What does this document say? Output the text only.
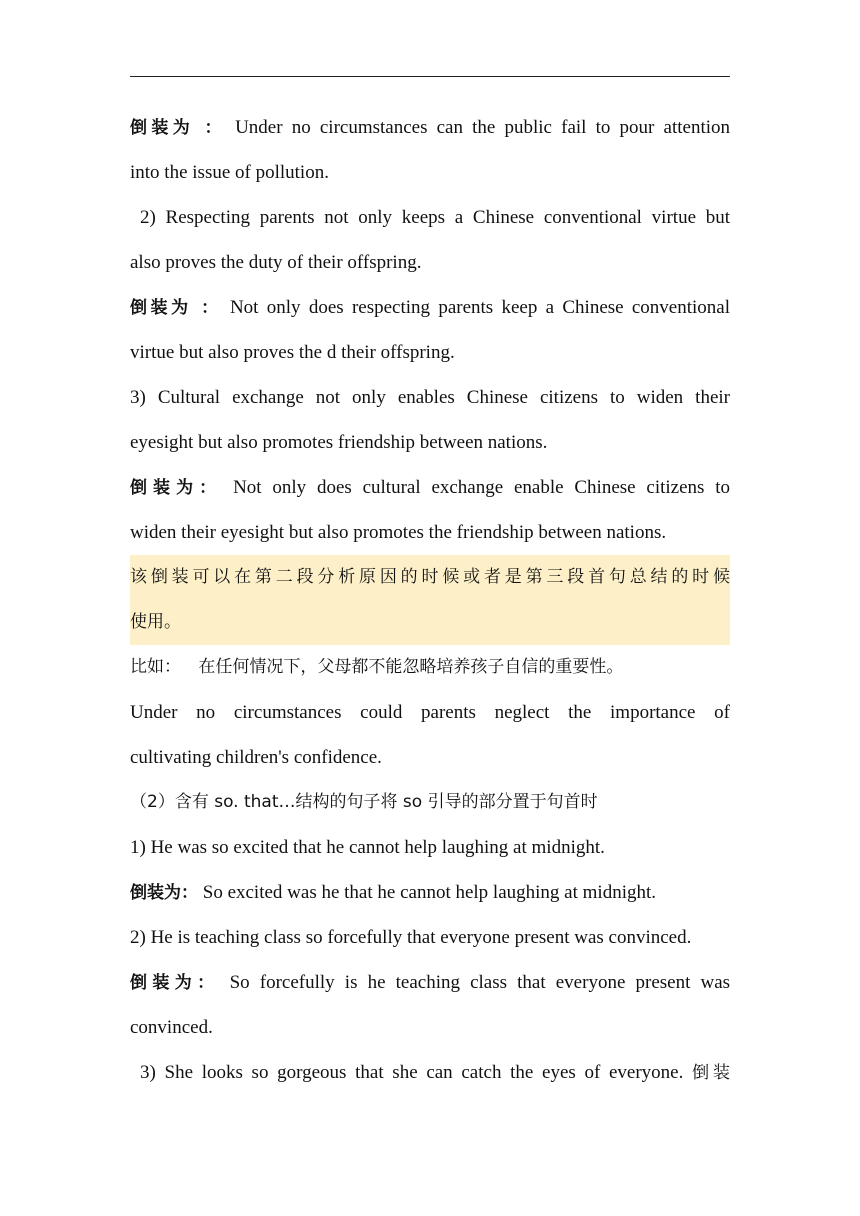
倒装为 ： Under no circumstances can the public fail to pour attention
into the issue of pollution.
2) Respecting parents not only keeps a Chinese conventional virtue but
also proves the duty of their offspring.
倒装为 ： Not only does respecting parents keep a Chinese conventional
virtue but also proves the d their offspring.
3) Cultural exchange not only enables Chinese citizens to widen their
eyesight but also promotes friendship between nations.
倒装为： Not only does cultural exchange enable Chinese citizens to
widen their eyesight but also promotes the friendship between nations.
该倒装可以在第二段分析原因的时候或者是第三段首句总结的时候
使用。
比如： 在任何情况下，父母都不能忽略培养孩子自信的重要性。
Under no circumstances could parents neglect the importance of
cultivating children's confidence.
（2）含有 so. that…结构的句子将 so 引导的部分置于句首时
1) He was so excited that he cannot help laughing at midnight.
倒装为： So excited was he that he cannot help laughing at midnight.
2) He is teaching class so forcefully that everyone present was convinced.
倒装为： So forcefully is he teaching class that everyone present was
convinced.
3) She looks so gorgeous that she can catch the eyes of everyone. 倒装
